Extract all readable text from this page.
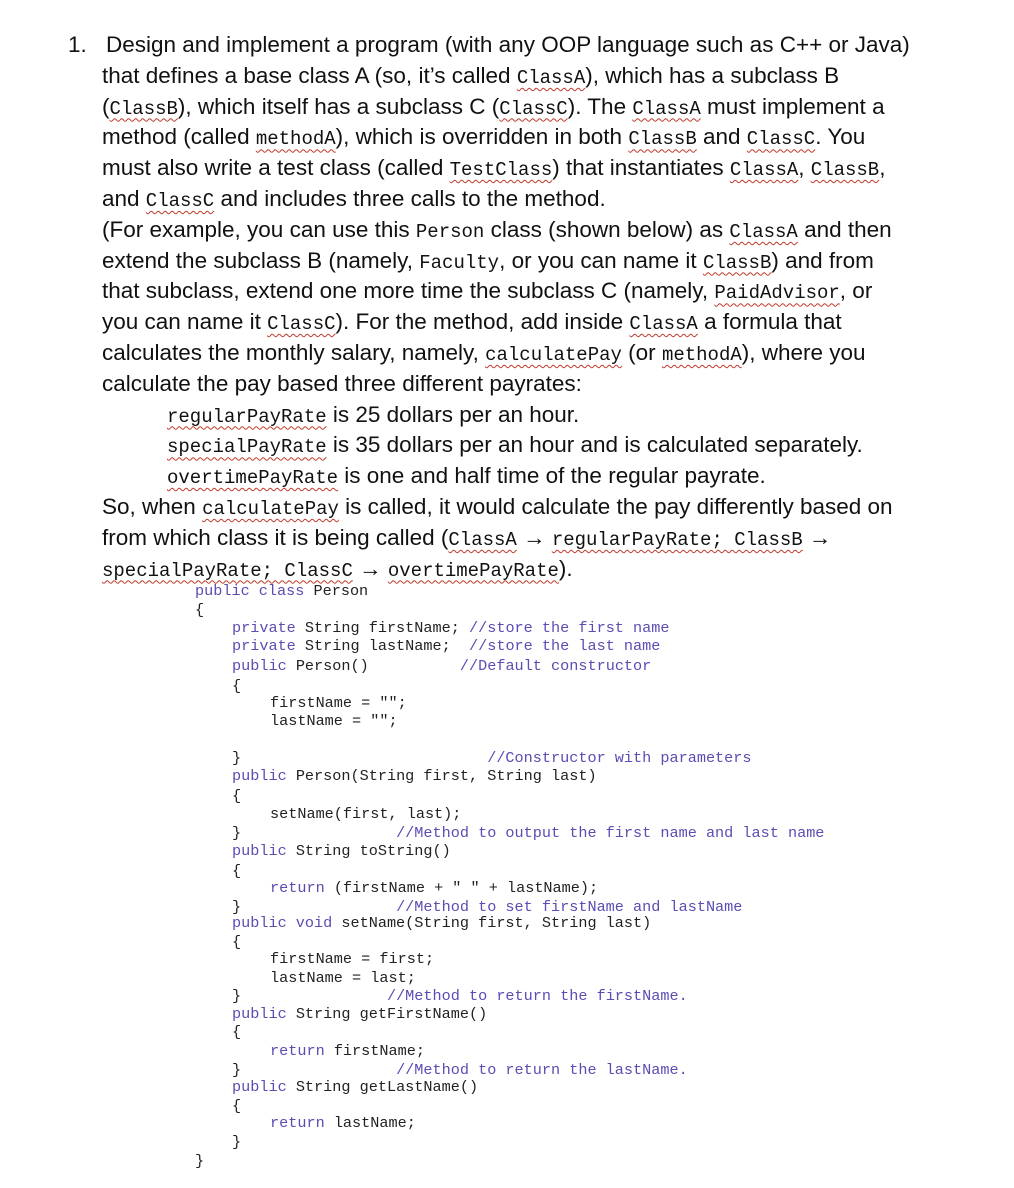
1. Design and implement a program (with any OOP language such as C++ or Java)
that defines a base class A (so, it’s called ClassA), which has a subclass B
(ClassB), which itself has a subclass C (ClassC). The ClassA must implement a
method (called methodA), which is overridden in both ClassB and ClassC. You
must also write a test class (called TestClass) that instantiates ClassA, ClassB,
and ClassC and includes three calls to the method.
(For example, you can use this Person class (shown below) as ClassA and then
extend the subclass B (namely, Faculty, or you can name it ClassB) and from
that subclass, extend one more time the subclass C (namely, PaidAdvisor, or
you can name it ClassC). For the method, add inside ClassA a formula that
calculates the monthly salary, namely, calculatePay (or methodA), where you
calculate the pay based three different payrates:
regularPayRate is 25 dollars per an hour.
specialPayRate is 35 dollars per an hour and is calculated separately.
overtimePayRate is one and half time of the regular payrate.
So, when calculatePay is called, it would calculate the pay differently based on
from which class it is being called (ClassA → regularPayRate; ClassB →
specialPayRate; ClassC → overtimePayRate).
public class Person
{
private String firstName; //store the first name
private String lastName;  //store the last name
public Person()          //Default constructor
{
firstName = "";
lastName = "";
}                           //Constructor with parameters
public Person(String first, String last)
{
setName(first, last);
}                 //Method to output the first name and last name
public String toString()
{
return (firstName + " " + lastName);
}                 //Method to set firstName and lastName
public void setName(String first, String last)
{
firstName = first;
lastName = last;
}                //Method to return the firstName.
public String getFirstName()
{
return firstName;
}                 //Method to return the lastName.
public String getLastName()
{
return lastName;
}
}
